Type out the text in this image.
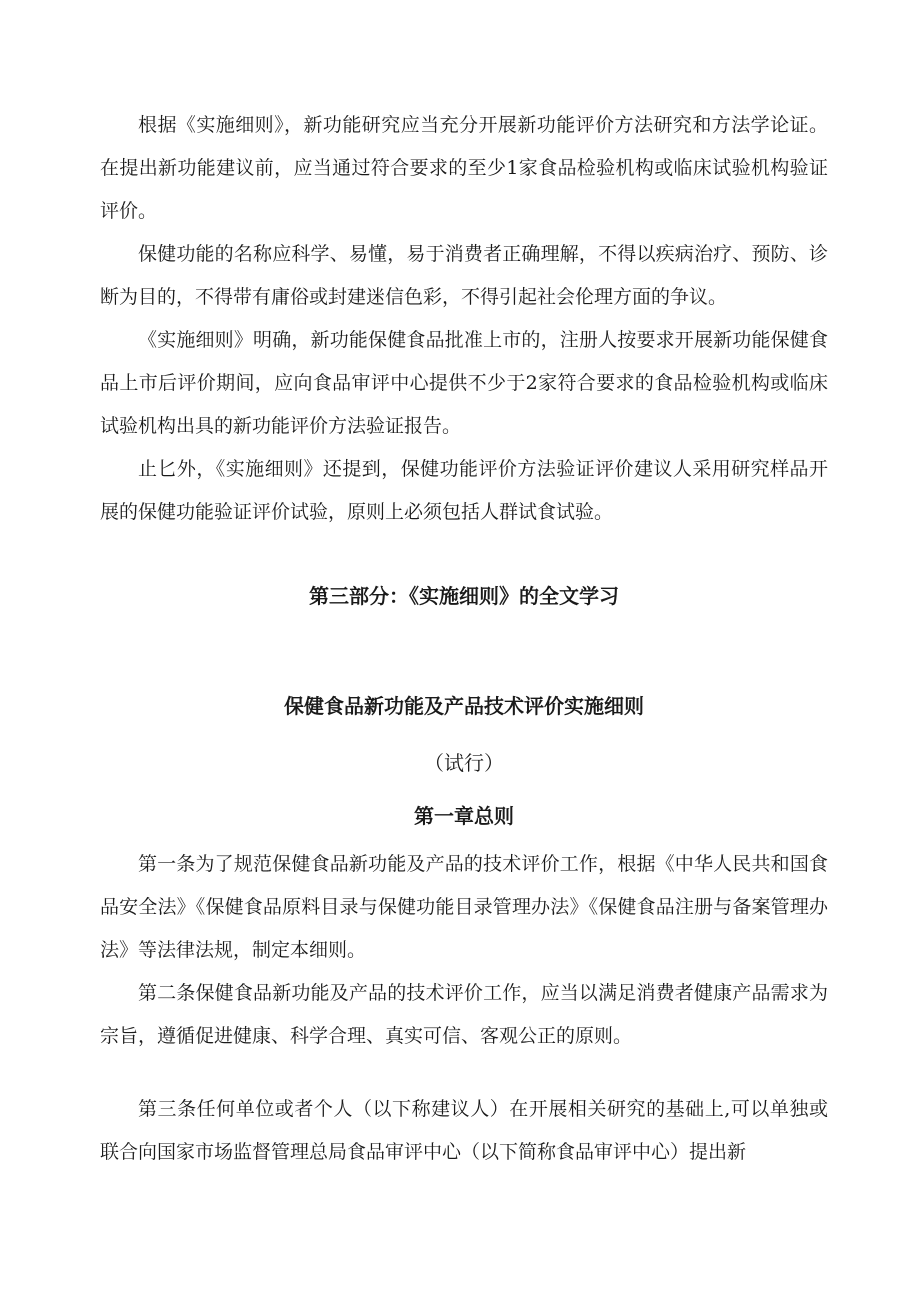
根据《实施细则》，新功能研究应当充分开展新功能评价方法研究和方法学论证。在提出新功能建议前，应当通过符合要求的至少1家食品检验机构或临床试验机构验证评价。

保健功能的名称应科学、易懂，易于消费者正确理解，不得以疾病治疗、预防、诊断为目的，不得带有庸俗或封建迷信色彩，不得引起社会伦理方面的争议。

《实施细则》明确，新功能保健食品批准上市的，注册人按要求开展新功能保健食品上市后评价期间，应向食品审评中心提供不少于2家符合要求的食品检验机构或临床试验机构出具的新功能评价方法验证报告。

止匕外，《实施细则》还提到，保健功能评价方法验证评价建议人采用研究样品开展的保健功能验证评价试验，原则上必须包括人群试食试验。

第三部分：《实施细则》的全文学习
保健食品新功能及产品技术评价实施细则
（试行）
第一章总则

第一条为了规范保健食品新功能及产品的技术评价工作，根据《中华人民共和国食品安全法》《保健食品原料目录与保健功能目录管理办法》《保健食品注册与备案管理办法》等法律法规，制定本细则。

第二条保健食品新功能及产品的技术评价工作，应当以满足消费者健康产品需求为宗旨，遵循促进健康、科学合理、真实可信、客观公正的原则。

第三条任何单位或者个人（以下称建议人）在开展相关研究的基础上,可以单独或联合向国家市场监督管理总局食品审评中心（以下简称食品审评中心）提出新
